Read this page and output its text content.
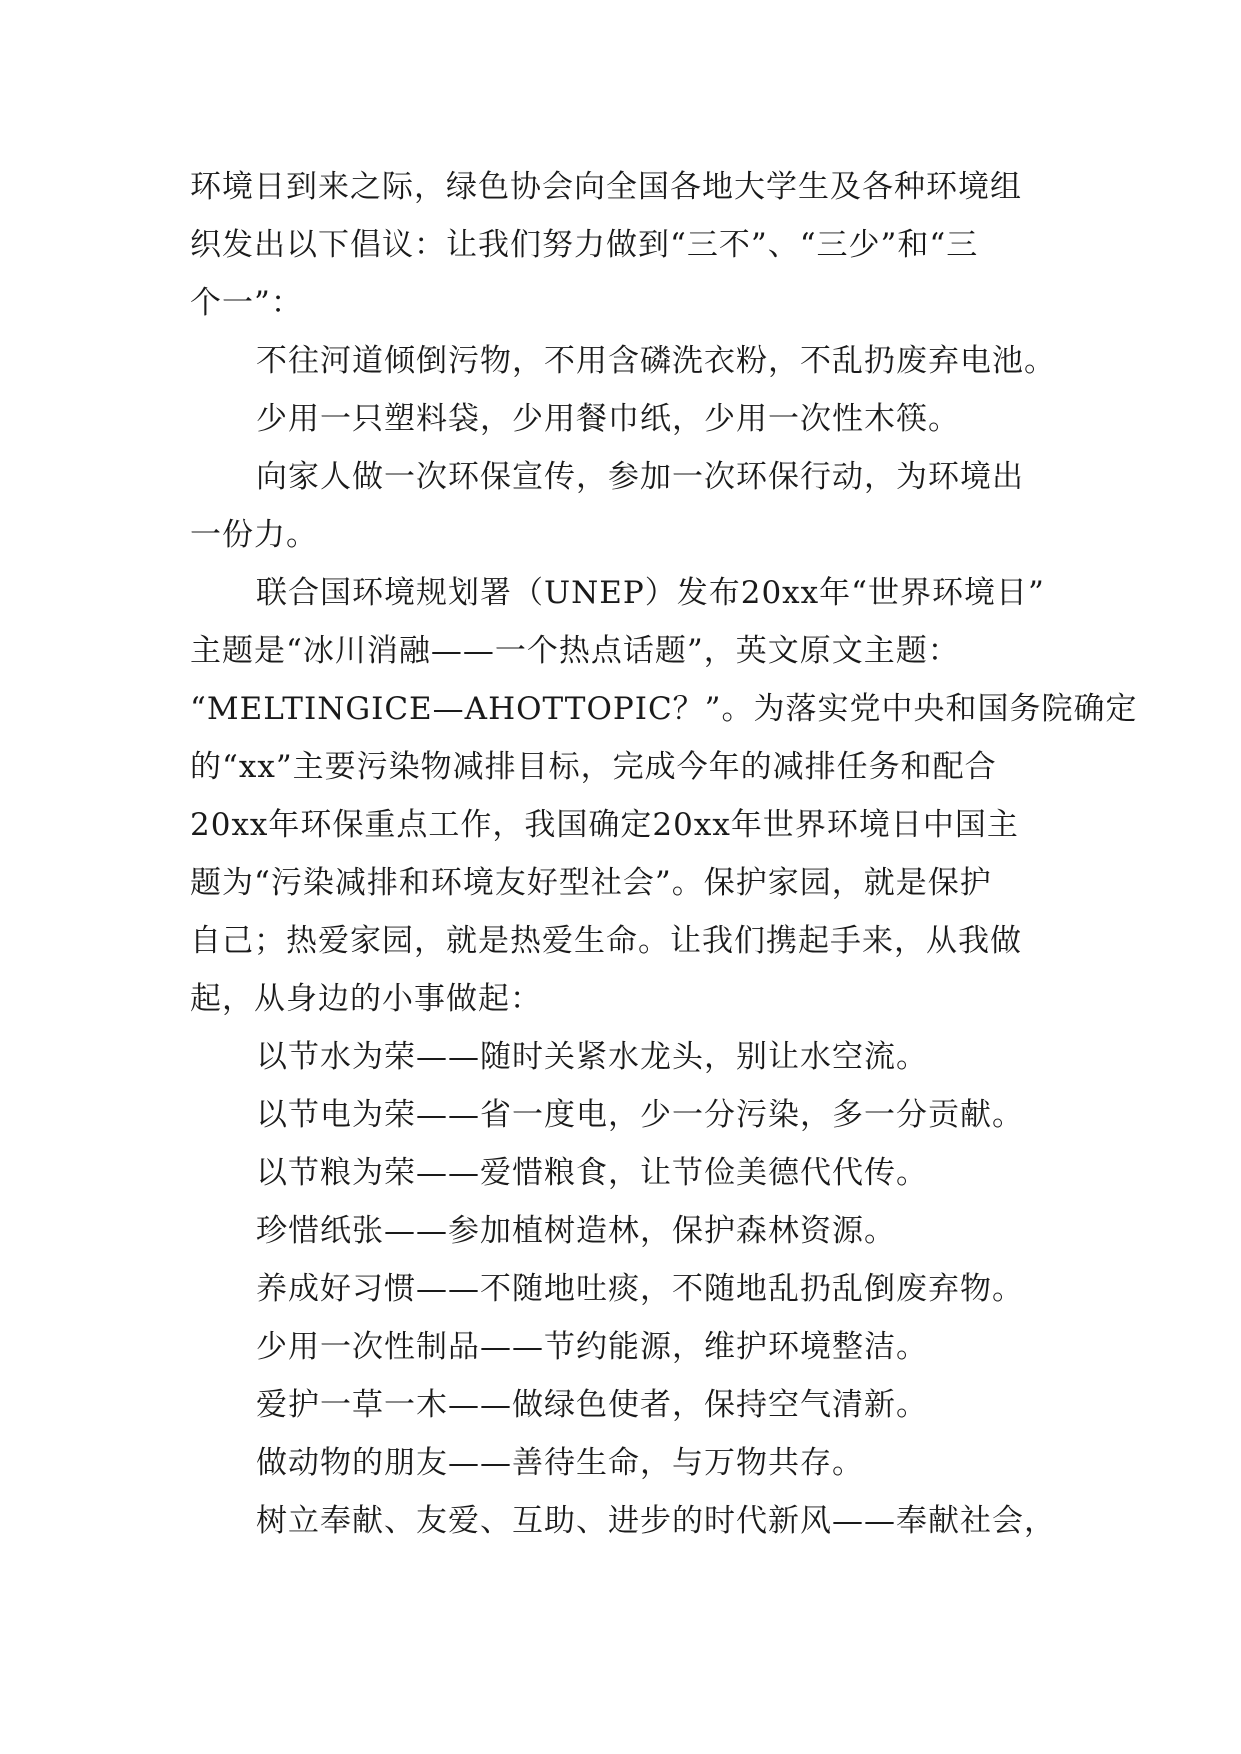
环境日到来之际，绿色协会向全国各地大学生及各种环境组
织发出以下倡议：让我们努力做到“三不”、“三少”和“三
个一”：
不往河道倾倒污物，不用含磷洗衣粉，不乱扔废弃电池。
少用一只塑料袋，少用餐巾纸，少用一次性木筷。
向家人做一次环保宣传，参加一次环保行动，为环境出
一份力。
联合国环境规划署（UNEP）发布20xx年“世界环境日”
主题是“冰川消融——一个热点话题”，英文原文主题：
“MELTINGICE—AHOTTOPIC？”。为落实党中央和国务院确定
的“xx”主要污染物减排目标，完成今年的减排任务和配合
20xx年环保重点工作，我国确定20xx年世界环境日中国主
题为“污染减排和环境友好型社会”。保护家园，就是保护
自己；热爱家园，就是热爱生命。让我们携起手来，从我做
起，从身边的小事做起：
以节水为荣——随时关紧水龙头，别让水空流。
以节电为荣——省一度电，少一分污染，多一分贡献。
以节粮为荣——爱惜粮食，让节俭美德代代传。
珍惜纸张——参加植树造林，保护森林资源。
养成好习惯——不随地吐痰，不随地乱扔乱倒废弃物。
少用一次性制品——节约能源，维护环境整洁。
爱护一草一木——做绿色使者，保持空气清新。
做动物的朋友——善待生命，与万物共存。
树立奉献、友爱、互助、进步的时代新风——奉献社会，
